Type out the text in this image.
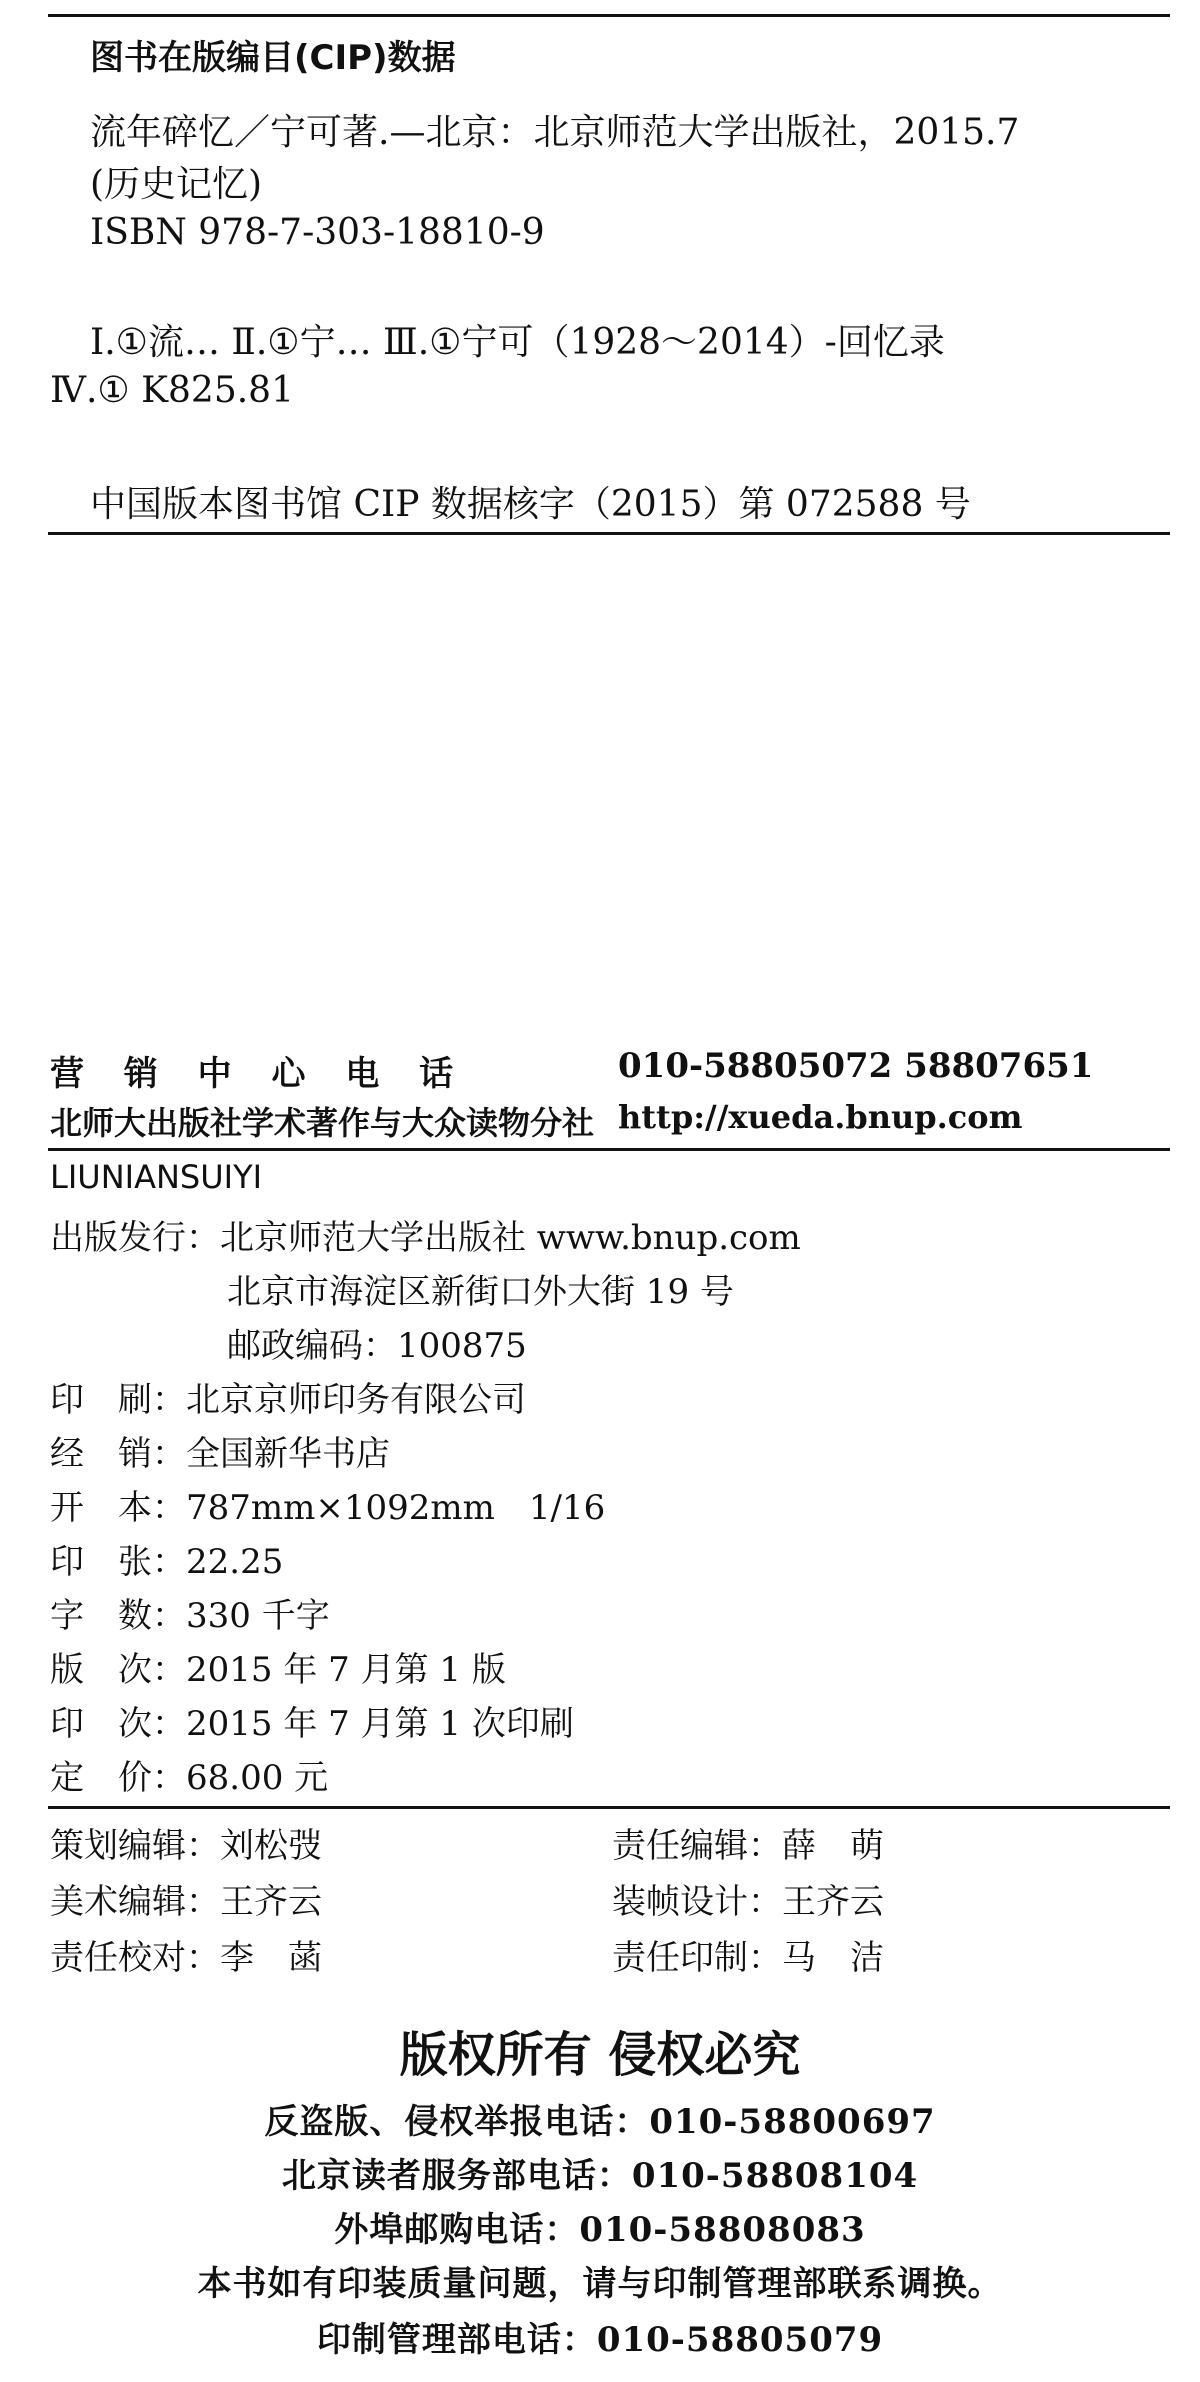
图书在版编目(CIP)数据
流年碎忆／宁可著.—北京：北京师范大学出版社，2015.7
(历史记忆)
ISBN 978-7-303-18810-9
Ⅰ.①流… Ⅱ.①宁… Ⅲ.①宁可（1928～2014）-回忆录
Ⅳ.① K825.81
中国版本图书馆 CIP 数据核字（2015）第 072588 号
营 销 中 心 电 话	010-58805072 58807651
北师大出版社学术著作与大众读物分社 http://xueda.bnup.com
LIUNIANSUIYI
出版发行：北京师范大学出版社 www.bnup.com
北京市海淀区新街口外大街 19 号
邮政编码：100875
印　刷：北京京师印务有限公司
经　销：全国新华书店
开　本：787mm×1092mm　1/16
印　张：22.25
字　数：330 千字
版　次：2015 年 7 月第 1 版
印　次：2015 年 7 月第 1 次印刷
定　价：68.00 元
策划编辑：刘松弢	责任编辑：薛　萌
美术编辑：王齐云	装帧设计：王齐云
责任校对：李　菡	责任印制：马　洁
版权所有 侵权必究
反盗版、侵权举报电话：010-58800697
北京读者服务部电话：010-58808104
外埠邮购电话：010-58808083
本书如有印装质量问题，请与印制管理部联系调换。
印制管理部电话：010-58805079
